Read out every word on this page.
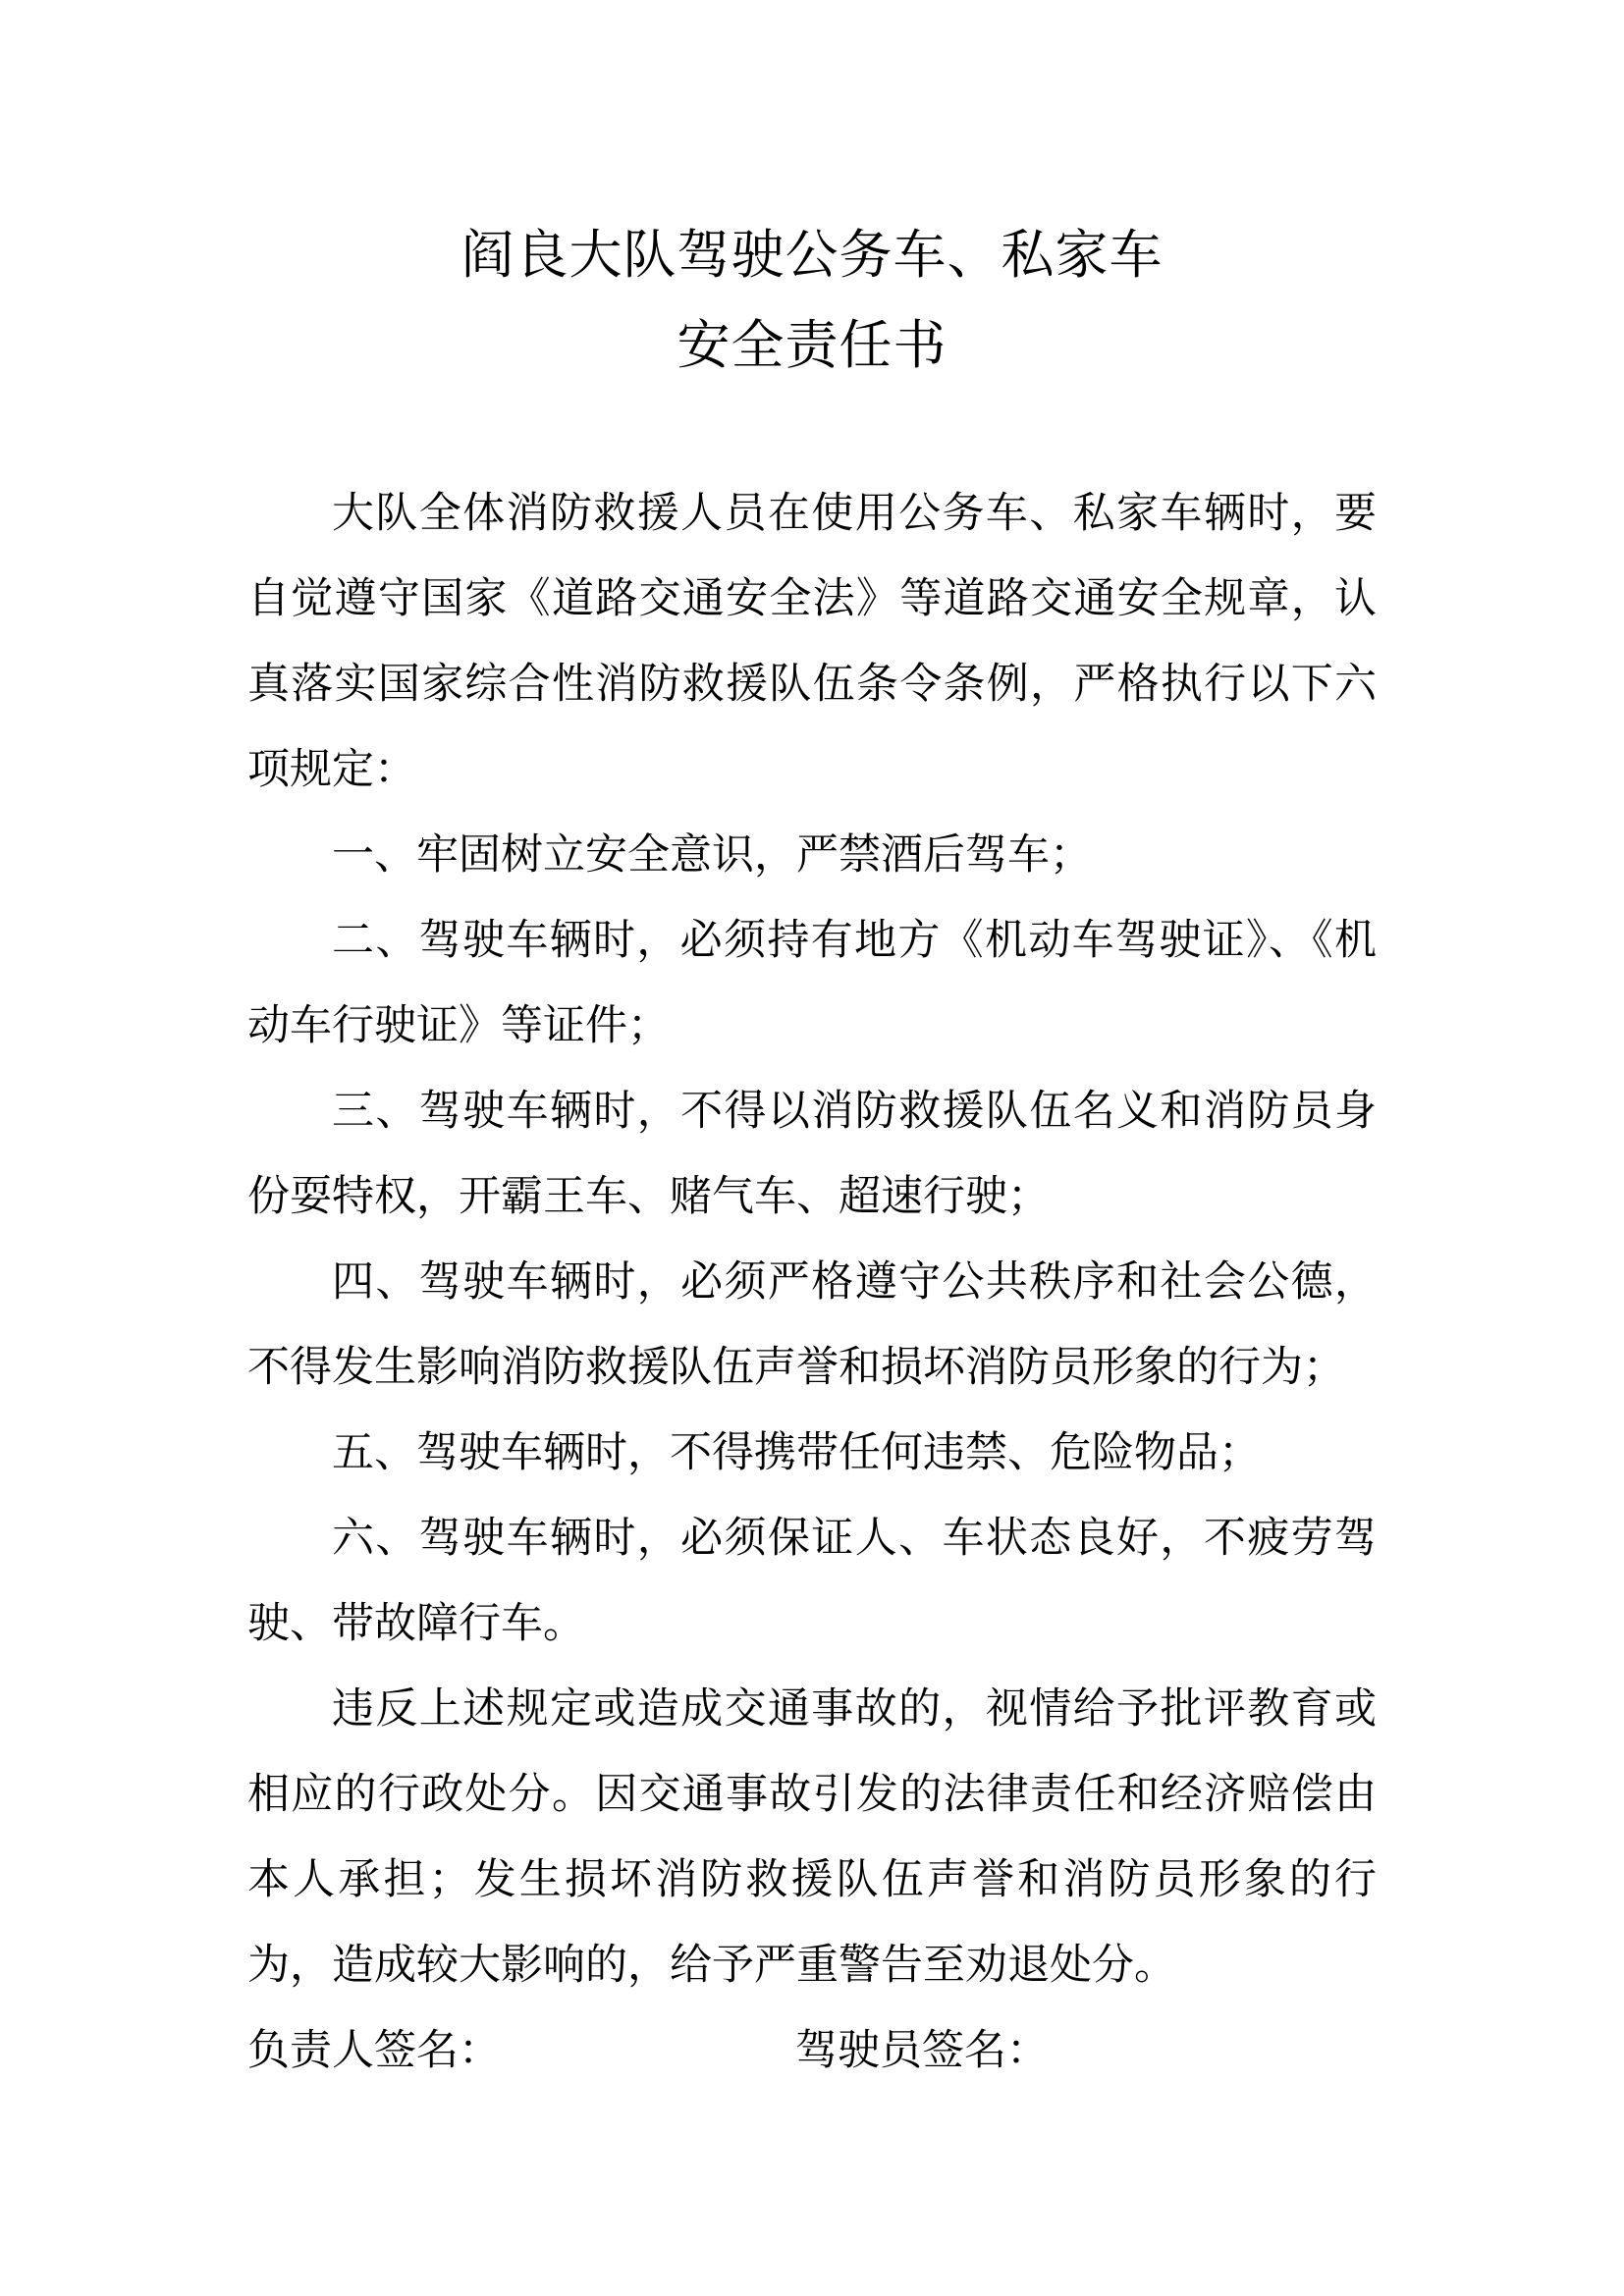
阎良大队驾驶公务车、私家车
安全责任书

大队全体消防救援人员在使用公务车、私家车辆时，要自觉遵守国家《道路交通安全法》等道路交通安全规章，认真落实国家综合性消防救援队伍条令条例，严格执行以下六项规定：

一、牢固树立安全意识，严禁酒后驾车；

二、驾驶车辆时，必须持有地方《机动车驾驶证》、《机动车行驶证》等证件；

三、驾驶车辆时，不得以消防救援队伍名义和消防员身份耍特权，开霸王车、赌气车、超速行驶；

四、驾驶车辆时，必须严格遵守公共秩序和社会公德，不得发生影响消防救援队伍声誉和损坏消防员形象的行为；

五、驾驶车辆时，不得携带任何违禁、危险物品；

六、驾驶车辆时，必须保证人、车状态良好，不疲劳驾驶、带故障行车。

违反上述规定或造成交通事故的，视情给予批评教育或相应的行政处分。因交通事故引发的法律责任和经济赔偿由本人承担；发生损坏消防救援队伍声誉和消防员形象的行为，造成较大影响的，给予严重警告至劝退处分。

负责人签名：	驾驶员签名：
